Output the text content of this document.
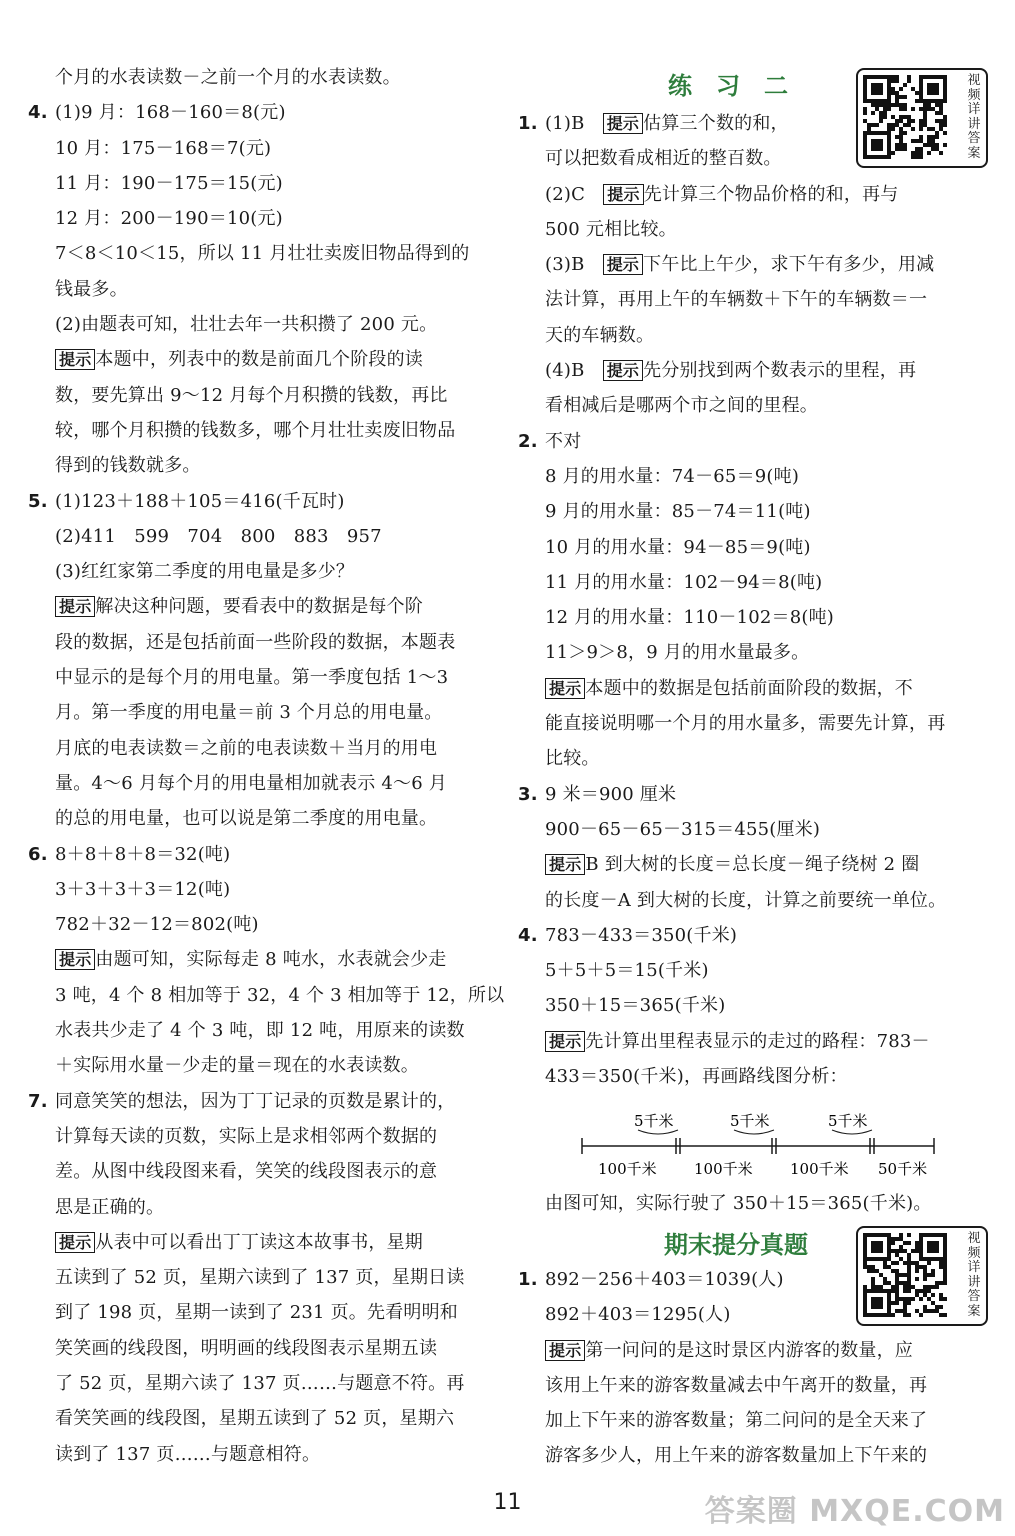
个月的水表读数－之前一个月的水表读数。
4. (1)9 月：168－160＝8(元)
10 月：175－168＝7(元)
11 月：190－175＝15(元)
12 月：200－190＝10(元)
7＜8＜10＜15，所以 11 月壮壮卖废旧物品得到的
钱最多。
(2)由题表可知，壮壮去年一共积攒了 200 元。
提示 本题中，列表中的数是前面几个阶段的读
数，要先算出 9～12 月每个月积攒的钱数，再比
较，哪个月积攒的钱数多，哪个月壮壮卖废旧物品
得到的钱数就多。
5. (1)123＋188＋105＝416(千瓦时)
(2)411　599　704　800　883　957
(3)红红家第二季度的用电量是多少？
提示 解决这种问题，要看表中的数据是每个阶
段的数据，还是包括前面一些阶段的数据，本题表
中显示的是每个月的用电量。第一季度包括 1～3
月。第一季度的用电量＝前 3 个月总的用电量。
月底的电表读数＝之前的电表读数＋当月的用电
量。4～6 月每个月的用电量相加就表示 4～6 月
的总的用电量，也可以说是第二季度的用电量。
6. 8＋8＋8＋8＝32(吨)
3＋3＋3＋3＝12(吨)
782＋32－12＝802(吨)
提示 由题可知，实际每走 8 吨水，水表就会少走
3 吨，4 个 8 相加等于 32，4 个 3 相加等于 12，所以
水表共少走了 4 个 3 吨，即 12 吨，用原来的读数
＋实际用水量－少走的量＝现在的水表读数。
7. 同意笑笑的想法，因为丁丁记录的页数是累计的，
计算每天读的页数，实际上是求相邻两个数据的
差。从图中线段图来看，笑笑的线段图表示的意
思是正确的。
提示 从表中可以看出丁丁读这本故事书，星期
五读到了 52 页，星期六读到了 137 页，星期日读
到了 198 页，星期一读到了 231 页。先看明明和
笑笑画的线段图，明明画的线段图表示星期五读
了 52 页，星期六读了 137 页……与题意不符。再
看笑笑画的线段图，星期五读到了 52 页，星期六
读到了 137 页……与题意相符。
练　习　二	视频详讲答案
1. (1)B　提示 估算三个数的和，
可以把数看成相近的整百数。
(2)C　提示 先计算三个物品价格的和，再与
500 元相比较。
(3)B　提示 下午比上午少，求下午有多少，用减
法计算，再用上午的车辆数＋下午的车辆数＝一
天的车辆数。
(4)B　提示 先分别找到两个数表示的里程，再
看相减后是哪两个市之间的里程。
2. 不对
8 月的用水量：74－65＝9(吨)
9 月的用水量：85－74＝11(吨)
10 月的用水量：94－85＝9(吨)
11 月的用水量：102－94＝8(吨)
12 月的用水量：110－102＝8(吨)
11＞9＞8，9 月的用水量最多。
提示 本题中的数据是包括前面阶段的数据，不
能直接说明哪一个月的用水量多，需要先计算，再
比较。
3. 9 米＝900 厘米
900－65－65－315＝455(厘米)
提示 B 到大树的长度＝总长度－绳子绕树 2 圈
的长度－A 到大树的长度，计算之前要统一单位。
4. 783－433＝350(千米)
5＋5＋5＝15(千米)
350＋15＝365(千米)
提示 先计算出里程表显示的走过的路程：783－
433＝350(千米)，再画路线图分析：
5千米	5千米	5千米
100千米 100千米 100千米 50千米
由图可知，实际行驶了 350＋15＝365(千米)。
期末提分真题	视频详讲答案
1. 892－256＋403＝1039(人)
892＋403＝1295(人)
提示 第一问问的是这时景区内游客的数量，应
该用上午来的游客数量减去中午离开的数量，再
加上下午来的游客数量；第二问问的是全天来了
游客多少人，用上午来的游客数量加上下午来的
11	答案圈 MXQE.COM
